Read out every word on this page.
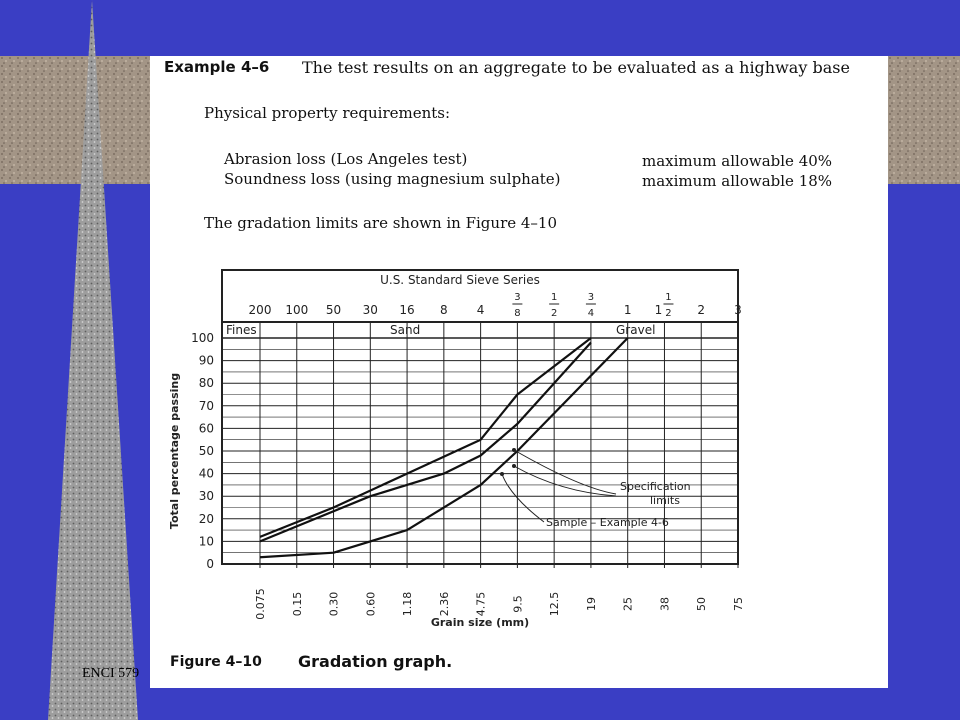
ENCI 579
Example 4–6 The test results on an aggregate to be evaluated as a highway base
Physical property requirements:
Abrasion loss (Los Angeles test)
Soundness loss (using magnesium sulphate)
maximum allowable 40%
maximum allowable 18%
The gradation limits are shown in Figure 4–10
U.S. Standard Sieve Series
200 100 50 30 16 8 4
3
8
1
2
3
4 1 1
1
2 2 3
Fines	Sand	Gravel
0
10
20
30
40
50
60
70
80
90
100
Total percentage passing
0.075 0.15 0.30 0.60 1.18 2.36 4.75 9.5 12.5 19 25 38 50 75
Grain size (mm)
Specification
limits
Sample – Example 4-6
Figure 4–10 Gradation graph.
